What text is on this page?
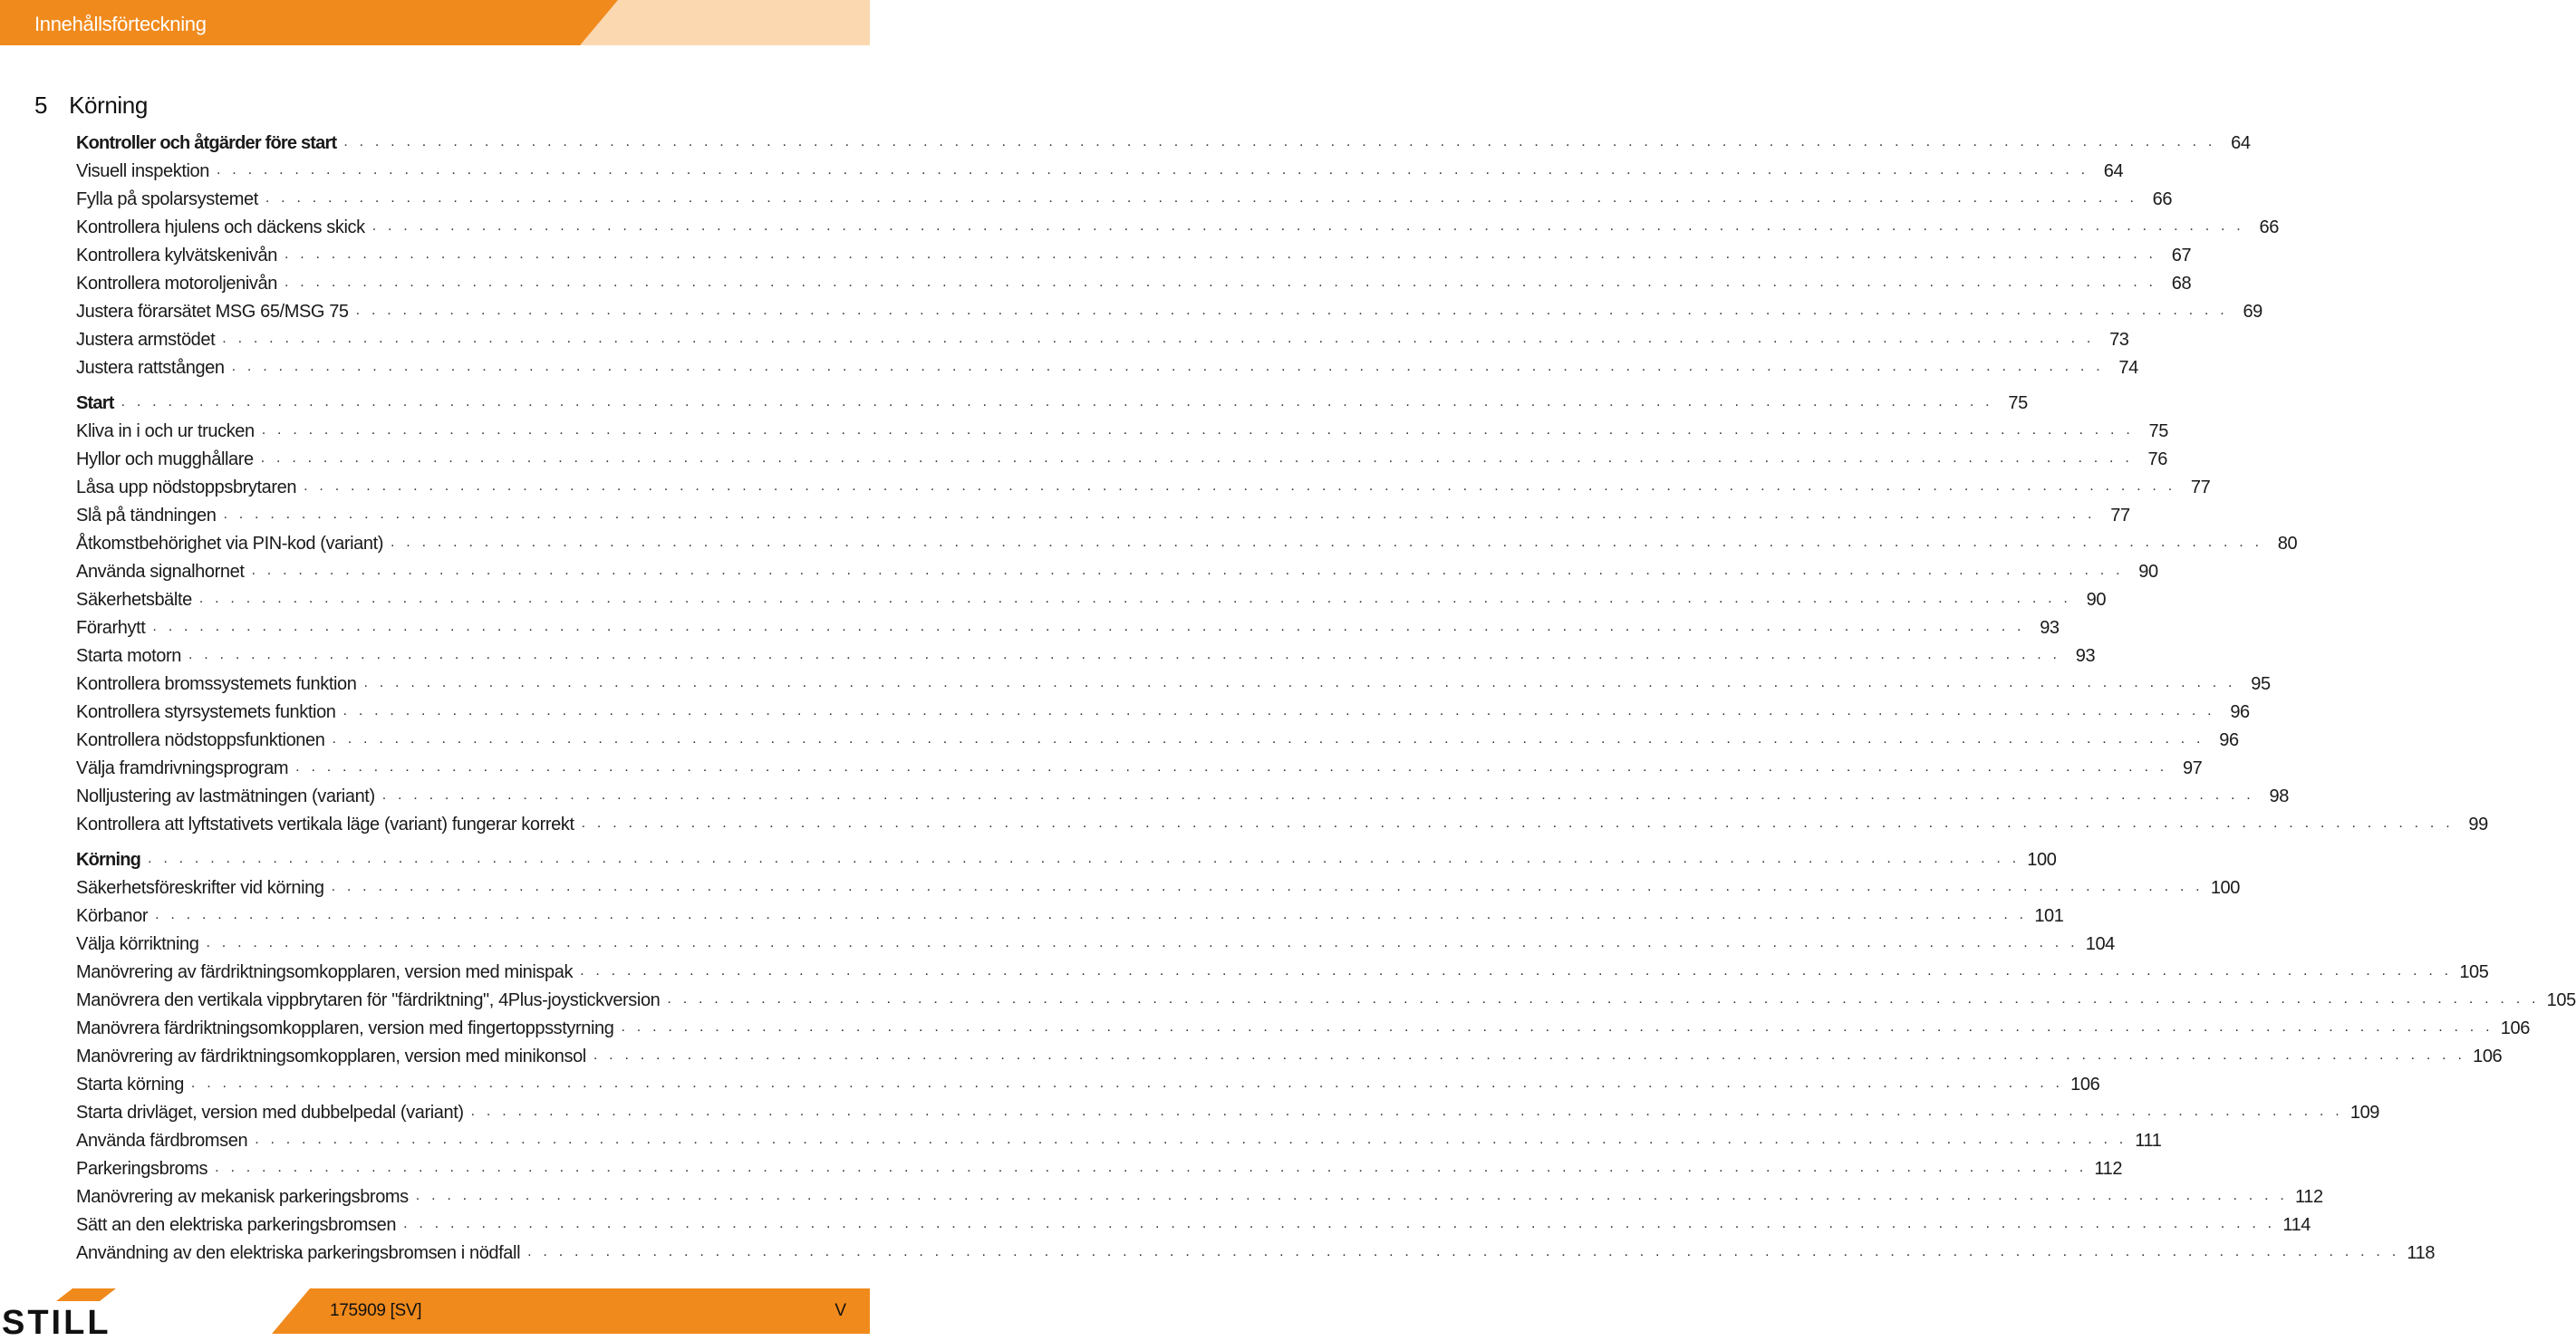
Innehållsförteckning
5 Körning
Kontroller och åtgärder före start . . . . . . . . . . . . . . . . . . . . . . . . . . . . . . . . . . . . . . . . . . . . . . . . . . . . . . . . . . . . . . . . . . . . . . . . . . . . . . . . . . . . . . . . . . . . . . . . . . . . . . . . . . . . . . . . . . . . . . . . 64
Visuell inspektion . . . . . . . . . . . . . . . . . . . . . . . . . . . . . . . . . . . . . . . . . . . . . . . . . . . . . . . . . . . . . . . . . . . . . . . . . . . . . . . . . . . . . . . . . . . . . . . . . . . . . . . . . . . . . . . . . . . . . . . . 64
Fylla på spolarsystemet . . . . . . . . . . . . . . . . . . . . . . . . . . . . . . . . . . . . . . . . . . . . . . . . . . . . . . . . . . . . . . . . . . . . . . . . . . . . . . . . . . . . . . . . . . . . . . . . . . . . . . . . . . . . . . . . . . . . . . . . 66
Kontrollera hjulens och däckens skick . . . . . . . . . . . . . . . . . . . . . . . . . . . . . . . . . . . . . . . . . . . . . . . . . . . . . . . . . . . . . . . . . . . . . . . . . . . . . . . . . . . . . . . . . . . . . . . . . . . . . . . . . . . . . . . . . . . . . . . . 66
Kontrollera kylvätskenivån . . . . . . . . . . . . . . . . . . . . . . . . . . . . . . . . . . . . . . . . . . . . . . . . . . . . . . . . . . . . . . . . . . . . . . . . . . . . . . . . . . . . . . . . . . . . . . . . . . . . . . . . . . . . . . . . . . . . . . . . 67
Kontrollera motoroljenivån . . . . . . . . . . . . . . . . . . . . . . . . . . . . . . . . . . . . . . . . . . . . . . . . . . . . . . . . . . . . . . . . . . . . . . . . . . . . . . . . . . . . . . . . . . . . . . . . . . . . . . . . . . . . . . . . . . . . . . . . 68
Justera förarsätet MSG 65/MSG 75 . . . . . . . . . . . . . . . . . . . . . . . . . . . . . . . . . . . . . . . . . . . . . . . . . . . . . . . . . . . . . . . . . . . . . . . . . . . . . . . . . . . . . . . . . . . . . . . . . . . . . . . . . . . . . . . . . . . . . . . . 69
Justera armstödet . . . . . . . . . . . . . . . . . . . . . . . . . . . . . . . . . . . . . . . . . . . . . . . . . . . . . . . . . . . . . . . . . . . . . . . . . . . . . . . . . . . . . . . . . . . . . . . . . . . . . . . . . . . . . . . . . . . . . . . . 73
Justera rattstången . . . . . . . . . . . . . . . . . . . . . . . . . . . . . . . . . . . . . . . . . . . . . . . . . . . . . . . . . . . . . . . . . . . . . . . . . . . . . . . . . . . . . . . . . . . . . . . . . . . . . . . . . . . . . . . . . . . . . . . . 74
Start . . . . . . . . . . . . . . . . . . . . . . . . . . . . . . . . . . . . . . . . . . . . . . . . . . . . . . . . . . . . . . . . . . . . . . . . . . . . . . . . . . . . . . . . . . . . . . . . . . . . . . . . . . . . . . . . . . . . . . . . 75
Kliva in i och ur trucken . . . . . . . . . . . . . . . . . . . . . . . . . . . . . . . . . . . . . . . . . . . . . . . . . . . . . . . . . . . . . . . . . . . . . . . . . . . . . . . . . . . . . . . . . . . . . . . . . . . . . . . . . . . . . . . . . . . . . . . . 75
Hyllor och mugghållare . . . . . . . . . . . . . . . . . . . . . . . . . . . . . . . . . . . . . . . . . . . . . . . . . . . . . . . . . . . . . . . . . . . . . . . . . . . . . . . . . . . . . . . . . . . . . . . . . . . . . . . . . . . . . . . . . . . . . . . . 76
Låsa upp nödstoppsbrytaren . . . . . . . . . . . . . . . . . . . . . . . . . . . . . . . . . . . . . . . . . . . . . . . . . . . . . . . . . . . . . . . . . . . . . . . . . . . . . . . . . . . . . . . . . . . . . . . . . . . . . . . . . . . . . . . . . . . . . . . . 77
Slå på tändningen . . . . . . . . . . . . . . . . . . . . . . . . . . . . . . . . . . . . . . . . . . . . . . . . . . . . . . . . . . . . . . . . . . . . . . . . . . . . . . . . . . . . . . . . . . . . . . . . . . . . . . . . . . . . . . . . . . . . . . . . 77
Åtkomstbehörighet via PIN-kod (variant) . . . . . . . . . . . . . . . . . . . . . . . . . . . . . . . . . . . . . . . . . . . . . . . . . . . . . . . . . . . . . . . . . . . . . . . . . . . . . . . . . . . . . . . . . . . . . . . . . . . . . . . . . . . . . . . . . . . . . . . . 80
Använda signalhornet . . . . . . . . . . . . . . . . . . . . . . . . . . . . . . . . . . . . . . . . . . . . . . . . . . . . . . . . . . . . . . . . . . . . . . . . . . . . . . . . . . . . . . . . . . . . . . . . . . . . . . . . . . . . . . . . . . . . . . . . 90
Säkerhetsbälte . . . . . . . . . . . . . . . . . . . . . . . . . . . . . . . . . . . . . . . . . . . . . . . . . . . . . . . . . . . . . . . . . . . . . . . . . . . . . . . . . . . . . . . . . . . . . . . . . . . . . . . . . . . . . . . . . . . . . . . . 90
Förarhytt . . . . . . . . . . . . . . . . . . . . . . . . . . . . . . . . . . . . . . . . . . . . . . . . . . . . . . . . . . . . . . . . . . . . . . . . . . . . . . . . . . . . . . . . . . . . . . . . . . . . . . . . . . . . . . . . . . . . . . . . 93
Starta motorn . . . . . . . . . . . . . . . . . . . . . . . . . . . . . . . . . . . . . . . . . . . . . . . . . . . . . . . . . . . . . . . . . . . . . . . . . . . . . . . . . . . . . . . . . . . . . . . . . . . . . . . . . . . . . . . . . . . . . . . . 93
Kontrollera bromssystemets funktion . . . . . . . . . . . . . . . . . . . . . . . . . . . . . . . . . . . . . . . . . . . . . . . . . . . . . . . . . . . . . . . . . . . . . . . . . . . . . . . . . . . . . . . . . . . . . . . . . . . . . . . . . . . . . . . . . . . . . . . . 95
Kontrollera styrsystemets funktion . . . . . . . . . . . . . . . . . . . . . . . . . . . . . . . . . . . . . . . . . . . . . . . . . . . . . . . . . . . . . . . . . . . . . . . . . . . . . . . . . . . . . . . . . . . . . . . . . . . . . . . . . . . . . . . . . . . . . . . . 96
Kontrollera nödstoppsfunktionen . . . . . . . . . . . . . . . . . . . . . . . . . . . . . . . . . . . . . . . . . . . . . . . . . . . . . . . . . . . . . . . . . . . . . . . . . . . . . . . . . . . . . . . . . . . . . . . . . . . . . . . . . . . . . . . . . . . . . . . . 96
Välja framdrivningsprogram . . . . . . . . . . . . . . . . . . . . . . . . . . . . . . . . . . . . . . . . . . . . . . . . . . . . . . . . . . . . . . . . . . . . . . . . . . . . . . . . . . . . . . . . . . . . . . . . . . . . . . . . . . . . . . . . . . . . . . . . 97
Nolljustering av lastmätningen (variant) . . . . . . . . . . . . . . . . . . . . . . . . . . . . . . . . . . . . . . . . . . . . . . . . . . . . . . . . . . . . . . . . . . . . . . . . . . . . . . . . . . . . . . . . . . . . . . . . . . . . . . . . . . . . . . . . . . . . . . . . 98
Kontrollera att lyftstativets vertikala läge (variant) fungerar korrekt . . . . . . . . . . . . . . . . . . . . . . . . . . . . . . . . . . . . . . . . . . . . . . . . . . . . . . . . . . . . . . . . . . . . . . . . . . . . . . . . . . . . . . . . . . . . . . . . . . . . . . . . . . . . . . . . . . . . . . . . 99
Körning . . . . . . . . . . . . . . . . . . . . . . . . . . . . . . . . . . . . . . . . . . . . . . . . . . . . . . . . . . . . . . . . . . . . . . . . . . . . . . . . . . . . . . . . . . . . . . . . . . . . . . . . . . . . . . . . . . . . . . . . 100
Säkerhetsföreskrifter vid körning . . . . . . . . . . . . . . . . . . . . . . . . . . . . . . . . . . . . . . . . . . . . . . . . . . . . . . . . . . . . . . . . . . . . . . . . . . . . . . . . . . . . . . . . . . . . . . . . . . . . . . . . . . . . . . . . . . . . . . . . 100
Körbanor . . . . . . . . . . . . . . . . . . . . . . . . . . . . . . . . . . . . . . . . . . . . . . . . . . . . . . . . . . . . . . . . . . . . . . . . . . . . . . . . . . . . . . . . . . . . . . . . . . . . . . . . . . . . . . . . . . . . . . . . 101
Välja körriktning . . . . . . . . . . . . . . . . . . . . . . . . . . . . . . . . . . . . . . . . . . . . . . . . . . . . . . . . . . . . . . . . . . . . . . . . . . . . . . . . . . . . . . . . . . . . . . . . . . . . . . . . . . . . . . . . . . . . . . . . 104
Manövrering av färdriktningsomkopplaren, version med minispak . . . . . . . . . . . . . . . . . . . . . . . . . . . . . . . . . . . . . . . . . . . . . . . . . . . . . . . . . . . . . . . . . . . . . . . . . . . . . . . . . . . . . . . . . . . . . . . . . . . . . . . . . . . . . . . . . . . . . . . . 105
Manövrera den vertikala vippbrytaren för "färdriktning", 4Plus-joystickversion . . . . . . . . . . . . . . . . . . . . . . . . . . . . . . . . . . . . . . . . . . . . . . . . . . . . . . . . . . . . . . . . . . . . . . . . . . . . . . . . . . . . . . . . . . . . . . . . . . . . . . . . . . . . . . . . . . . . . . . . 105
Manövrera färdriktningsomkopplaren, version med fingertoppsstyrning . . . . . . . . . . . . . . . . . . . . . . . . . . . . . . . . . . . . . . . . . . . . . . . . . . . . . . . . . . . . . . . . . . . . . . . . . . . . . . . . . . . . . . . . . . . . . . . . . . . . . . . . . . . . . . . . . . . . . . . . 106
Manövrering av färdriktningsomkopplaren, version med minikonsol . . . . . . . . . . . . . . . . . . . . . . . . . . . . . . . . . . . . . . . . . . . . . . . . . . . . . . . . . . . . . . . . . . . . . . . . . . . . . . . . . . . . . . . . . . . . . . . . . . . . . . . . . . . . . . . . . . . . . . . . 106
Starta körning . . . . . . . . . . . . . . . . . . . . . . . . . . . . . . . . . . . . . . . . . . . . . . . . . . . . . . . . . . . . . . . . . . . . . . . . . . . . . . . . . . . . . . . . . . . . . . . . . . . . . . . . . . . . . . . . . . . . . . . . 106
Starta drivläget, version med dubbelpedal (variant) . . . . . . . . . . . . . . . . . . . . . . . . . . . . . . . . . . . . . . . . . . . . . . . . . . . . . . . . . . . . . . . . . . . . . . . . . . . . . . . . . . . . . . . . . . . . . . . . . . . . . . . . . . . . . . . . . . . . . . . . 109
Använda färdbromsen . . . . . . . . . . . . . . . . . . . . . . . . . . . . . . . . . . . . . . . . . . . . . . . . . . . . . . . . . . . . . . . . . . . . . . . . . . . . . . . . . . . . . . . . . . . . . . . . . . . . . . . . . . . . . . . . . . . . . . . . 111
Parkeringsbroms . . . . . . . . . . . . . . . . . . . . . . . . . . . . . . . . . . . . . . . . . . . . . . . . . . . . . . . . . . . . . . . . . . . . . . . . . . . . . . . . . . . . . . . . . . . . . . . . . . . . . . . . . . . . . . . . . . . . . . . . 112
Manövrering av mekanisk parkeringsbroms . . . . . . . . . . . . . . . . . . . . . . . . . . . . . . . . . . . . . . . . . . . . . . . . . . . . . . . . . . . . . . . . . . . . . . . . . . . . . . . . . . . . . . . . . . . . . . . . . . . . . . . . . . . . . . . . . . . . . . . . 112
Sätt an den elektriska parkeringsbromsen . . . . . . . . . . . . . . . . . . . . . . . . . . . . . . . . . . . . . . . . . . . . . . . . . . . . . . . . . . . . . . . . . . . . . . . . . . . . . . . . . . . . . . . . . . . . . . . . . . . . . . . . . . . . . . . . . . . . . . . . 114
Användning av den elektriska parkeringsbromsen i nödfall . . . . . . . . . . . . . . . . . . . . . . . . . . . . . . . . . . . . . . . . . . . . . . . . . . . . . . . . . . . . . . . . . . . . . . . . . . . . . . . . . . . . . . . . . . . . . . . . . . . . . . . . . . . . . . . . . . . . . . . . 118
STILL	175909 [SV]	V
